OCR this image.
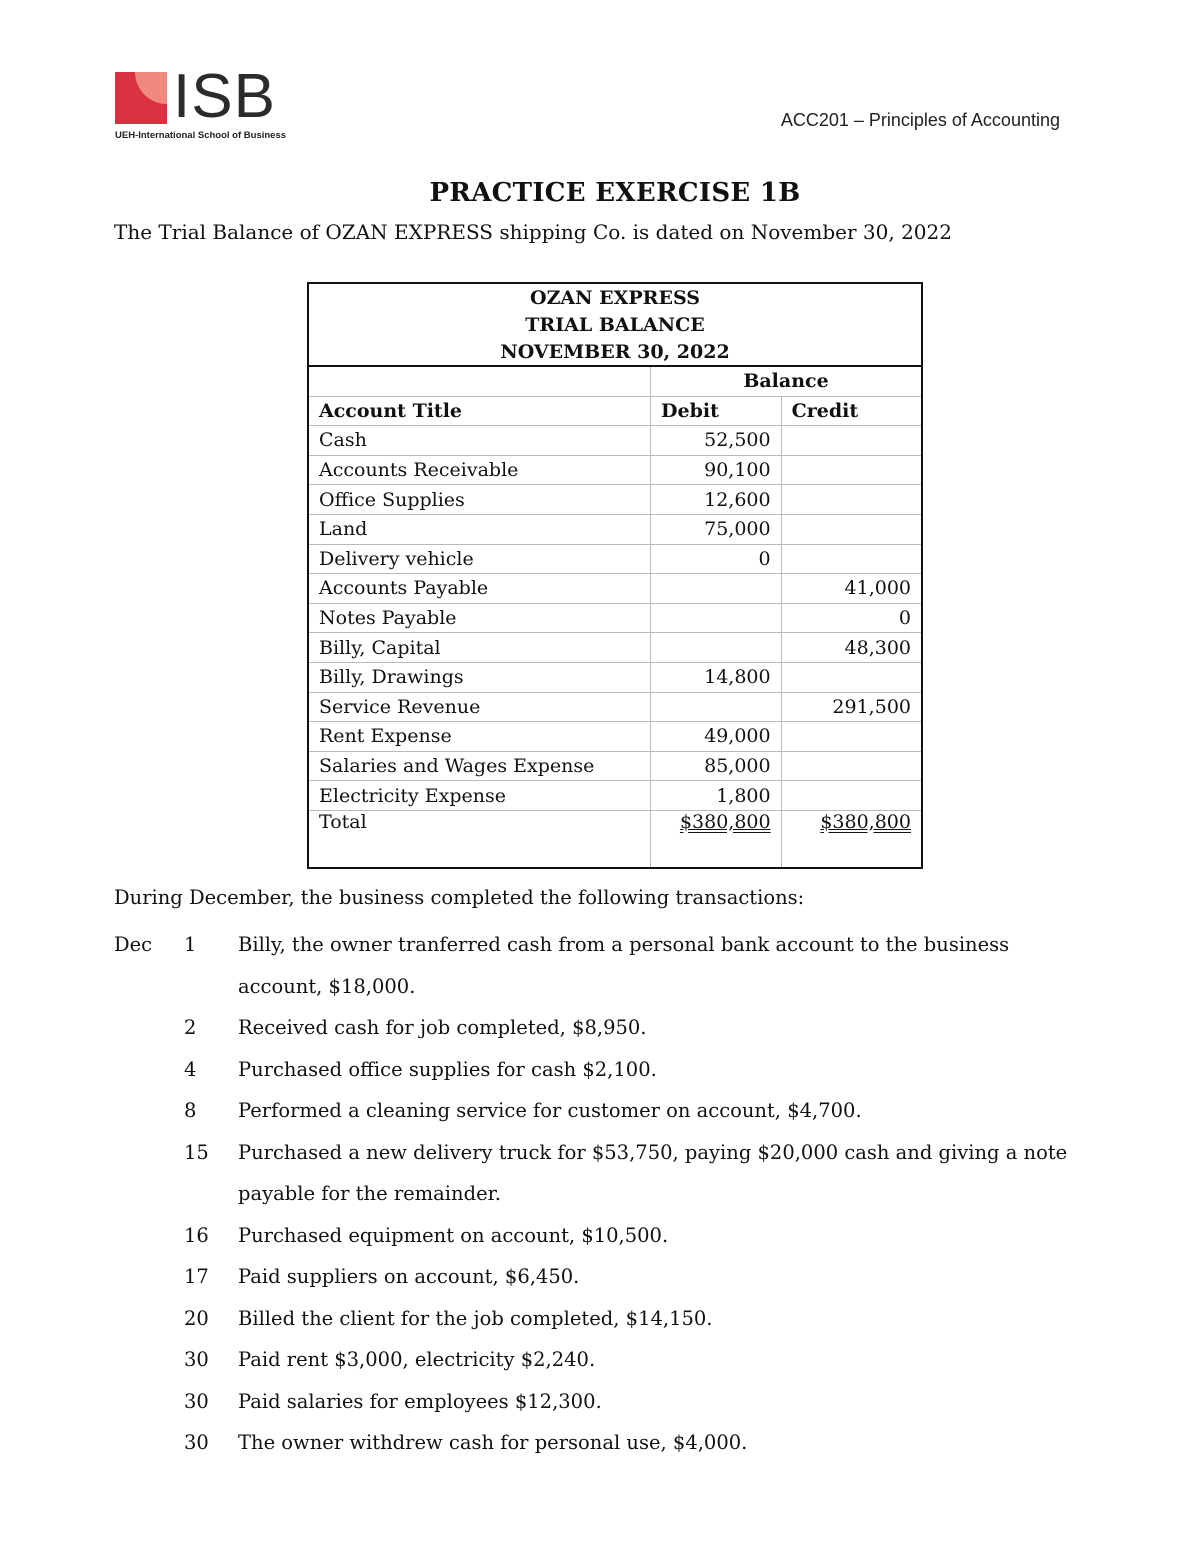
ISB
UEH-International School of Business
ACC201 – Principles of Accounting
PRACTICE EXERCISE 1B
The Trial Balance of OZAN EXPRESS shipping Co. is dated on November 30, 2022
OZAN EXPRESS		
TRIAL BALANCE		
NOVEMBER 30, 2022		
	Balance	
Account Title	Debit	Credit
Cash	52,500	
Accounts Receivable	90,100	
Office Supplies	12,600	
Land	75,000	
Delivery vehicle	0	
Accounts Payable		41,000
Notes Payable		0
Billy, Capital		48,300
Billy, Drawings	14,800	
Service Revenue		291,500
Rent Expense	49,000	
Salaries and Wages Expense	85,000	
Electricity Expense	1,800	
Total	$380,800	$380,800
During December, the business completed the following transactions:
Dec	1	Billy, the owner tranferred cash from a personal bank account to the business
account, $18,000.
2	Received cash for job completed, $8,950.
4	Purchased office supplies for cash $2,100.
8	Performed a cleaning service for customer on account, $4,700.
15	Purchased a new delivery truck for $53,750, paying $20,000 cash and giving a note
payable for the remainder.
16	Purchased equipment on account, $10,500.
17	Paid suppliers on account, $6,450.
20	Billed the client for the job completed, $14,150.
30	Paid rent $3,000, electricity $2,240.
30	Paid salaries for employees $12,300.
30	The owner withdrew cash for personal use, $4,000.
